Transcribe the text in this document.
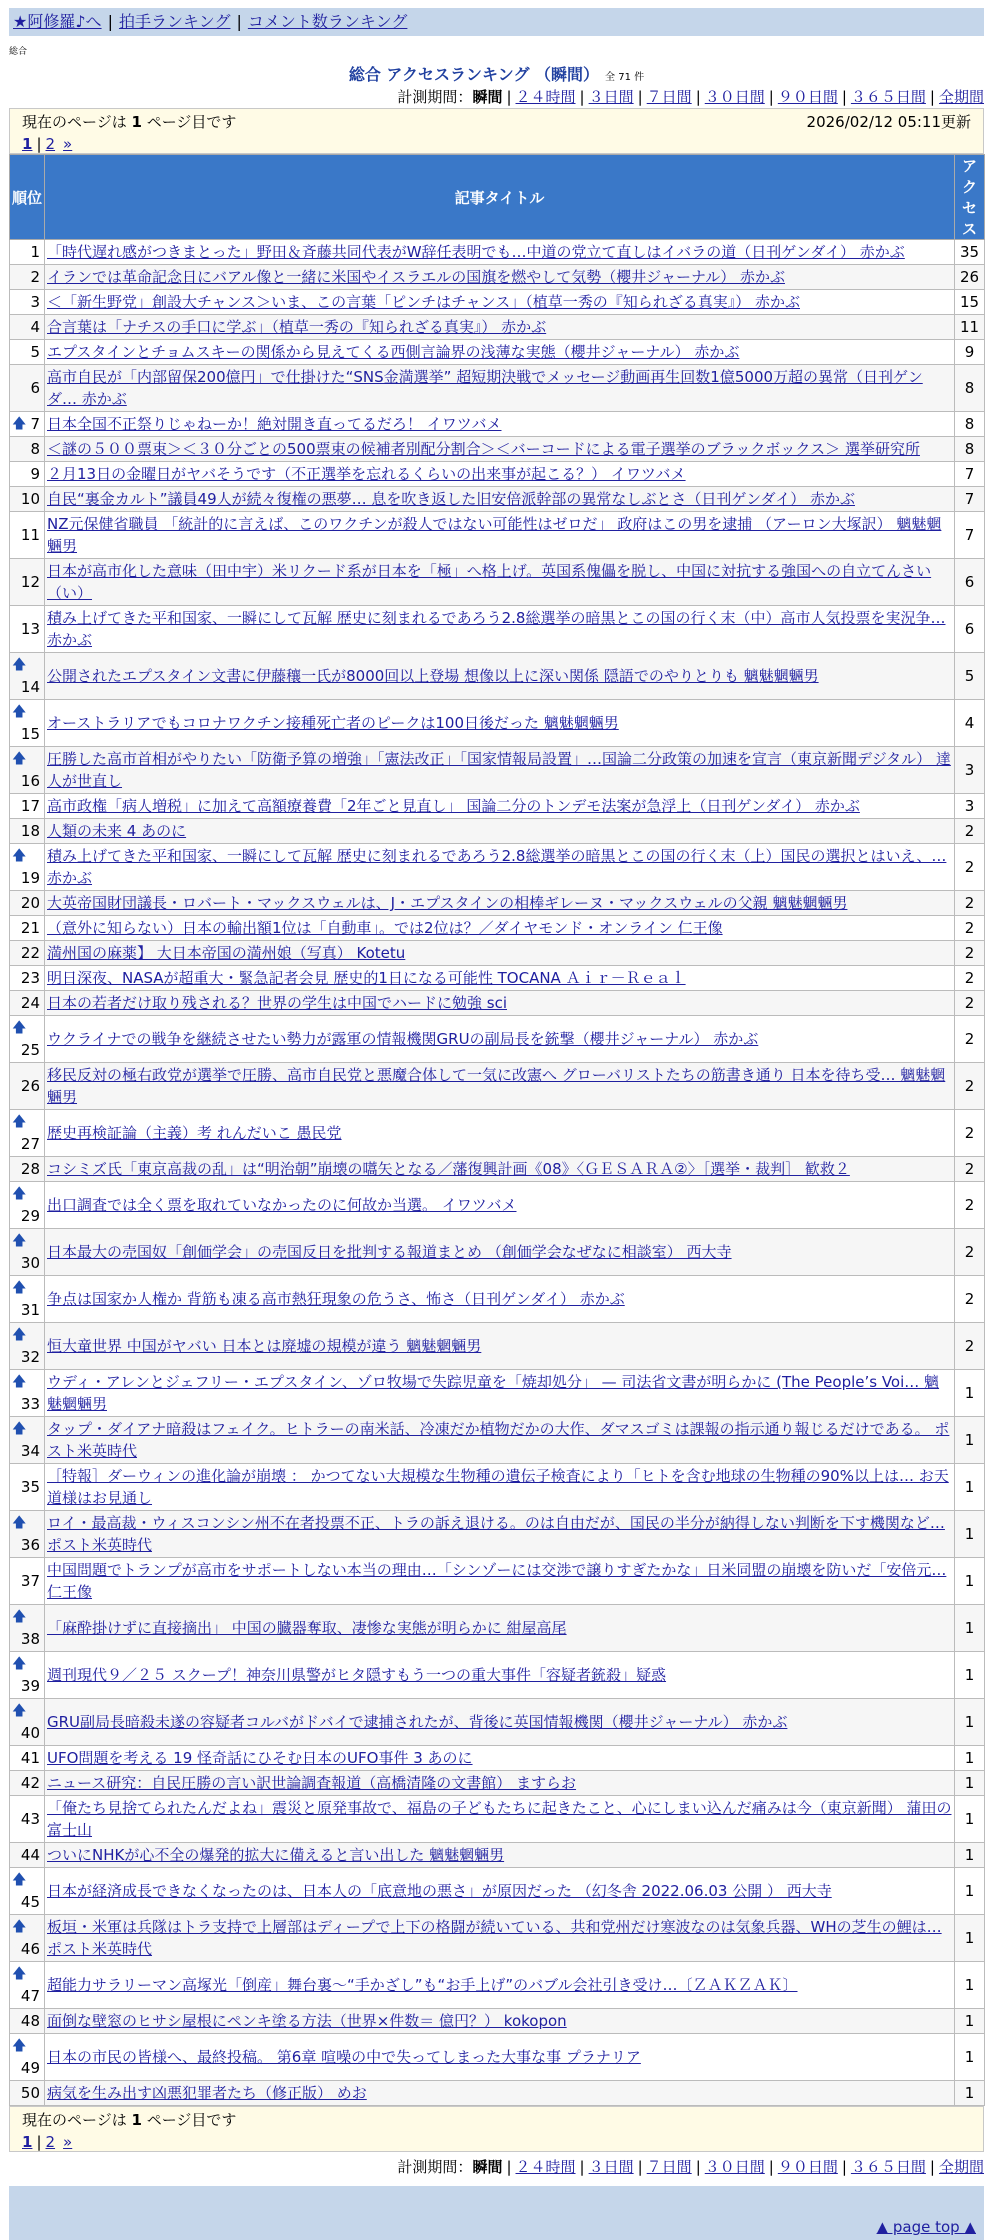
★阿修羅♪へ | 拍手ランキング | コメント数ランキング
総合
総合 アクセスランキング （瞬間） 全 71 件
計測期間：瞬間 | ２４時間 | ３日間 | ７日間 | ３０日間 | ９０日間 | ３６５日間 | 全期間
現在のページは 1 ページ目です	2026/02/12 05:11更新
1 | 2 »
順位	記事タイトル	アクセス
1	「時代遅れ感がつきまとった」野田＆斉藤共同代表がW辞任表明でも…中道の党立て直しはイバラの道（日刊ゲンダイ） 赤かぶ	35
2	イランでは革命記念日にバアル像と一緒に米国やイスラエルの国旗を燃やして気勢（櫻井ジャーナル） 赤かぶ	26
3	＜「新生野党」創設大チャンス＞いま、この言葉「ピンチはチャンス」（植草一秀の『知られざる真実』） 赤かぶ	15
4	合言葉は「ナチスの手口に学ぶ」（植草一秀の『知られざる真実』） 赤かぶ	11
5	エプスタインとチョムスキーの関係から見えてくる西側言論界の浅薄な実態（櫻井ジャーナル） 赤かぶ	9
6	高市自民が「内部留保200億円」で仕掛けた“SNS金満選挙” 超短期決戦でメッセージ動画再生回数1億5000万超の異常（日刊ゲンダ… 赤かぶ	8

🡅 7	日本全国不正祭りじゃねーか！絶対開き直ってるだろ！ イワツバメ	8
8	＜謎の５００票束＞＜３０分ごとの500票束の候補者別配分割合＞＜バーコードによる電子選挙のブラックボックス＞ 選挙研究所	8
9	２月13日の金曜日がヤバそうです（不正選挙を忘れるくらいの出来事が起こる？） イワツバメ	7
10	自民“裏金カルト”議員49人が続々復権の悪夢… 息を吹き返した旧安倍派幹部の異常なしぶとさ（日刊ゲンダイ） 赤かぶ	7
11	NZ元保健省職員 「統計的に言えば、このワクチンが殺人ではない可能性はゼロだ」 政府はこの男を逮捕 （アーロン大塚訳） 魑魅魍魎男	7
12	日本が高市化した意味（田中宇）米リクード系が日本を「極」へ格上げ。英国系傀儡を脱し、中国に対抗する強国への自立てんさい（い）	6
13	積み上げてきた平和国家、一瞬にして瓦解 歴史に刻まれるであろう2.8総選挙の暗黒とこの国の行く末（中）高市人気投票を実況争… 赤かぶ	6

🡅
14	公開されたエプスタイン文書に伊藤穰一氏が8000回以上登場 想像以上に深い関係 隠語でのやりとりも 魑魅魍魎男	5

🡅
15	オーストラリアでもコロナワクチン接種死亡者のピークは100日後だった 魑魅魍魎男	4

🡅
16	圧勝した高市首相がやりたい「防衛予算の増強」「憲法改正」「国家情報局設置」…国論二分政策の加速を宣言（東京新聞デジタル） 達人が世直し	3
17	高市政権「病人増税」に加えて高額療養費「2年ごと見直し」 国論二分のトンデモ法案が急浮上（日刊ゲンダイ） 赤かぶ	3
18	人類の未来 4 あのに	2

🡅
19	積み上げてきた平和国家、一瞬にして瓦解 歴史に刻まれるであろう2.8総選挙の暗黒とこの国の行く末（上）国民の選択とはいえ、… 赤かぶ	2
20	大英帝国財団議長・ロバート・マックスウェルは、J・エプスタインの相棒ギレーヌ・マックスウェルの父親 魑魅魍魎男	2
21	（意外に知らない）日本の輸出額1位は「自動車」。では2位は？／ダイヤモンド・オンライン 仁王像	2
22	満州国の麻薬】 大日本帝国の満州娘（写真） Kotetu	2
23	明日深夜、NASAが超重大・緊急記者会見 歴史的1日になる可能性 TOCANA Ａｉｒ－Ｒｅａｌ	2
24	日本の若者だけ取り残される？世界の学生は中国でハードに勉強 sci	2

🡅
25	ウクライナでの戦争を継続させたい勢力が露軍の情報機関GRUの副局長を銃撃（櫻井ジャーナル） 赤かぶ	2
26	移民反対の極右政党が選挙で圧勝、高市自民党と悪魔合体して一気に改憲へ グローバリストたちの筋書き通り 日本を待ち受… 魑魅魍魎男	2

🡅
27	歴史再検証論（主義）考 れんだいこ 愚民党	2
28	コシミズ氏「東京高裁の乱」は“明治朝”崩壊の嚆矢となる／藩復興計画《08》〈ＧＥＳＡＲＡ②〉［選挙・裁判］ 歓救２	2

🡅
29	出口調査では全く票を取れていなかったのに何故か当選。 イワツバメ	2

🡅
30	日本最大の売国奴「創価学会」の売国反日を批判する報道まとめ （創価学会なぜなに相談室） 西大寺	2

🡅
31	争点は国家か人権か 背筋も凍る高市熱狂現象の危うさ、怖さ（日刊ゲンダイ） 赤かぶ	2

🡅
32	恒大童世界 中国がヤバい 日本とは廃墟の規模が違う 魑魅魍魎男	2

🡅
33	ウディ・アレンとジェフリー・エプスタイン、ゾロ牧場で失踪児童を「焼却処分」 — 司法省文書が明らかに (The People’s Voi… 魑魅魍魎男	1

🡅
34	タップ・ダイアナ暗殺はフェイク。ヒトラーの南米話、冷凍だか植物だかの大作、ダマスゴミは課報の指示通り報じるだけである。 ポスト米英時代	1
35	［特報］ダーウィンの進化論が崩壊 ： かつてない大規模な生物種の遺伝子検査により「ヒトを含む地球の生物種の90%以上は… お天道様はお見通し	1

🡅
36	ロイ・最高裁・ウィスコンシン州不在者投票不正、トラの訴え退ける。のは自由だが、国民の半分が納得しない判断を下す機関など… ポスト米英時代	1
37	中国問題でトランプが高市をサポートしない本当の理由…「シンゾーには交渉で譲りすぎたかな」日米同盟の崩壊を防いだ「安倍元… 仁王像	1

🡅
38	「麻酔掛けずに直接摘出」 中国の臓器奪取、凄惨な実態が明らかに 紺屋高尾	1

🡅
39	週刊現代９／２５ スクープ！神奈川県警がヒタ隠すもう一つの重大事件「容疑者銃殺」疑惑	1

🡅
40	GRU副局長暗殺未遂の容疑者コルバがドバイで逮捕されたが、背後に英国情報機関（櫻井ジャーナル） 赤かぶ	1
41	UFO問題を考える 19 怪奇話にひそむ日本のUFO事件 3 あのに	1
42	ニュース研究：自民圧勝の言い訳世論調査報道（高橋清隆の文書館） ますらお	1
43	「俺たち見捨てられたんだよね」震災と原発事故で、福島の子どもたちに起きたこと、心にしまい込んだ痛みは今（東京新聞） 蒲田の富士山	1
44	ついにNHKが心不全の爆発的拡大に備えると言い出した 魑魅魍魎男	1

🡅
45	日本が経済成長できなくなったのは、日本人の「底意地の悪さ」が原因だった （幻冬舎 2022.06.03 公開 ） 西大寺	1

🡅
46	板垣・米軍は兵隊はトラ支持で上層部はディープで上下の格闘が続いている、共和党州だけ寒波なのは気象兵器、WHの芝生の鯉は… ポスト米英時代	1

🡅
47	超能力サラリーマン高塚光「倒産」舞台裏〜“手かざし”も“お手上げ”のバブル会社引き受け…〔ＺＡＫＺＡＫ〕	1
48	面倒な壁窓のヒサシ屋根にペンキ塗る方法（世界×件数＝ 億円？） kokopon	1

🡅
49	日本の市民の皆様へ、最終投稿。 第6章 喧噪の中で失ってしまった大事な事 プラナリア	1
50	病気を生み出す凶悪犯罪者たち（修正版） めお	1
現在のページは 1 ページ目です
1 | 2 »
計測期間：瞬間 | ２４時間 | ３日間 | ７日間 | ３０日間 | ９０日間 | ３６５日間 | 全期間
▲ page top ▲
